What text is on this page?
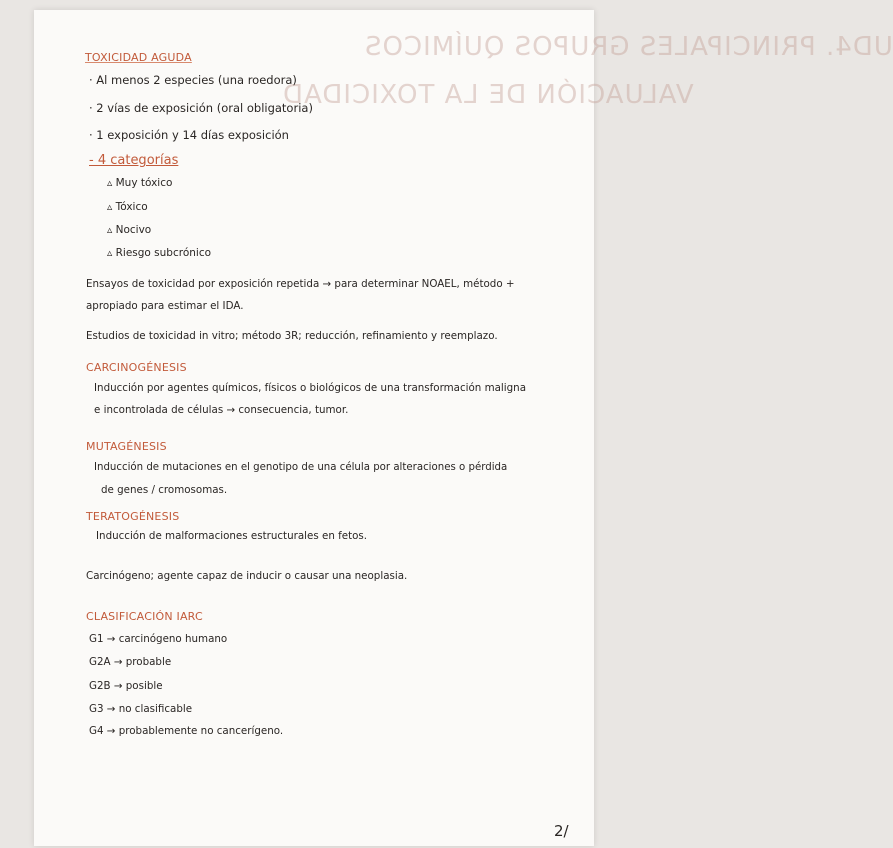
UD4. PRINCIPALES GRUPOS QUÍMICOS
VALUACIÓN DE LA TOXICIDAD
TOXICIDAD AGUDA
· Al menos 2 especies (una roedora)
· 2 vías de exposición (oral obligatoria)
· 1 exposición y 14 días exposición
- 4 categorías
▵ Muy tóxico
▵ Tóxico
▵ Nocivo
▵ Riesgo subcrónico
Ensayos de toxicidad por exposición repetida → para determinar NOAEL, método +
apropiado para estimar el IDA.
Estudios de toxicidad in vitro; método 3R; reducción, refinamiento y reemplazo.
CARCINOGÉNESIS
Inducción por agentes químicos, físicos o biológicos de una transformación maligna
e incontrolada de células → consecuencia, tumor.
MUTAGÉNESIS
Inducción de mutaciones en el genotipo de una célula por alteraciones o pérdida
de genes / cromosomas.
TERATOGÉNESIS
Inducción de malformaciones estructurales en fetos.
Carcinógeno; agente capaz de inducir o causar una neoplasia.
CLASIFICACIÓN IARC
G1 → carcinógeno humano
G2A → probable
G2B → posible
G3 → no clasificable
G4 → probablemente no cancerígeno.
2/
